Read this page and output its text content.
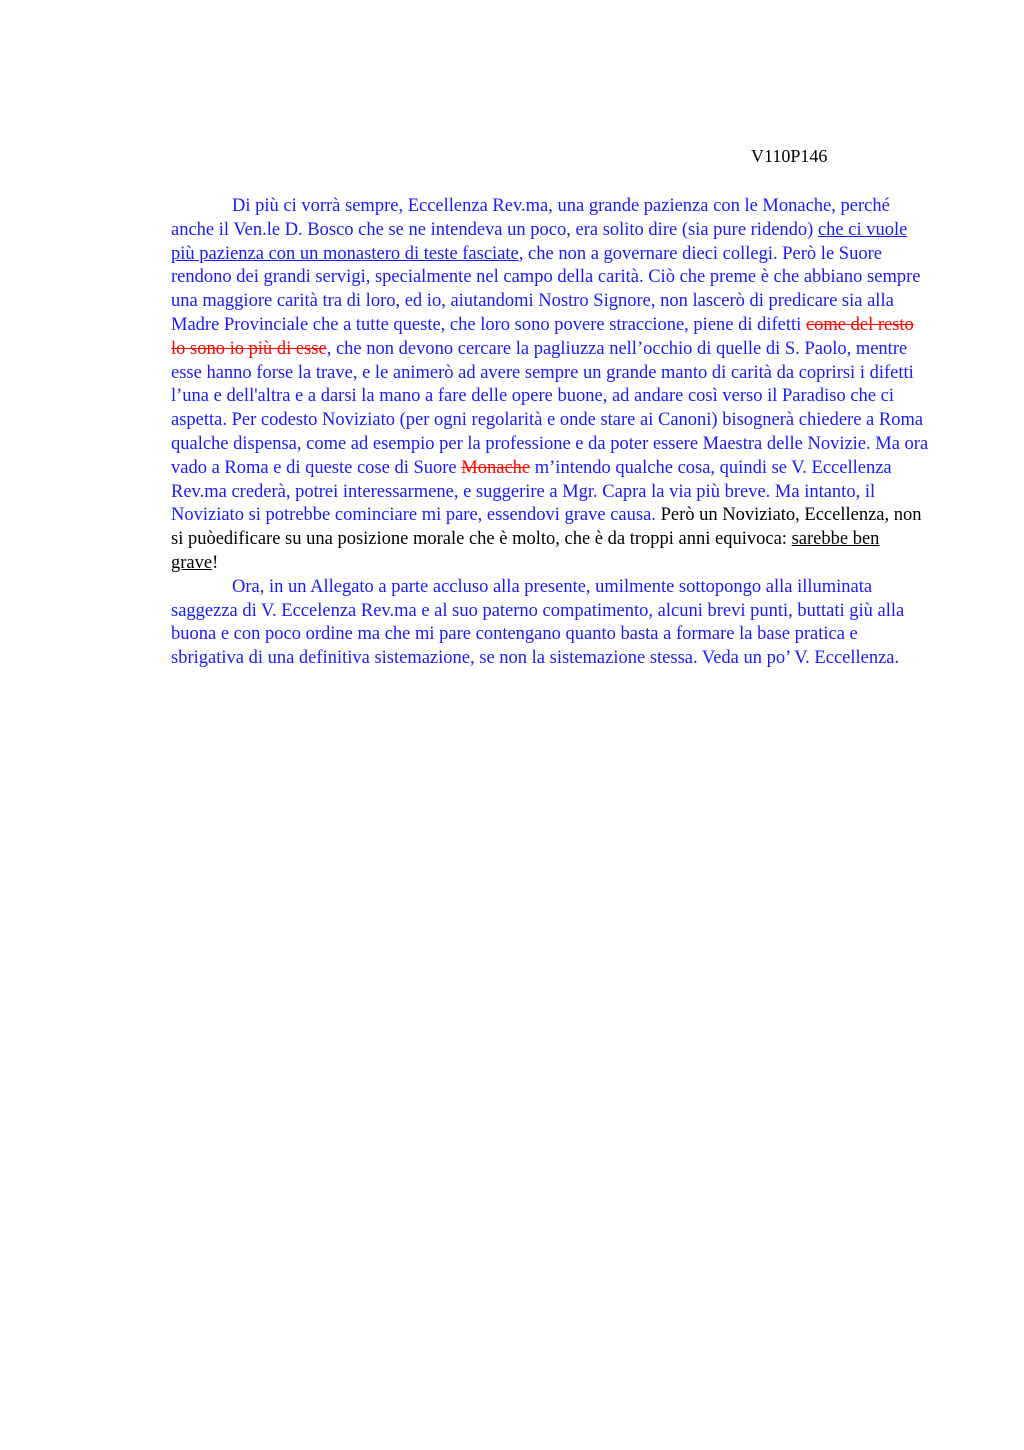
V110P146

Di più ci vorrà sempre, Eccellenza Rev.ma, una grande pazienza con le Monache, perché anche il Ven.le D. Bosco che se ne intendeva un poco, era solito dire (sia pure ridendo) che ci vuole più pazienza con un monastero di teste fasciate, che non a governare dieci collegi. Però le Suore rendono dei grandi servigi, specialmente nel campo della carità. Ciò che preme è che abbiano sempre una maggiore carità tra di loro, ed io, aiutandomi Nostro Signore, non lascerò di predicare sia alla Madre Provinciale che a tutte queste, che loro sono povere straccione, piene di difetti come del resto lo sono io più di esse, che non devono cercare la pagliuzza nell’occhio di quelle di S. Paolo, mentre esse hanno forse la trave, e le animerò ad avere sempre un grande manto di carità da coprirsi i difetti l’una e dell'altra e a darsi la mano a fare delle opere buone, ad andare così verso il Paradiso che ci aspetta. Per codesto Noviziato (per ogni regolarità e onde stare ai Canoni) bisognerà chiedere a Roma qualche dispensa, come ad esempio per la professione e da poter essere Maestra delle Novizie. Ma ora vado a Roma e di queste cose di Suore Monache m’intendo qualche cosa, quindi se V. Eccellenza Rev.ma crederà, potrei interessarmene, e suggerire a Mgr. Capra la via più breve. Ma intanto, il Noviziato si potrebbe cominciare mi pare, essendovi grave causa. Però un Noviziato, Eccellenza, non si puòedificare su una posizione morale che è molto, che è da troppi anni equivoca: sarebbe ben grave!

Ora, in un Allegato a parte accluso alla presente, umilmente sottopongo alla illuminata saggezza di V. Eccelenza Rev.ma e al suo paterno compatimento, alcuni brevi punti, buttati giù alla buona e con poco ordine ma che mi pare contengano quanto basta a formare la base pratica e sbrigativa di una definitiva sistemazione, se non la sistemazione stessa. Veda un po’ V. Eccellenza.
